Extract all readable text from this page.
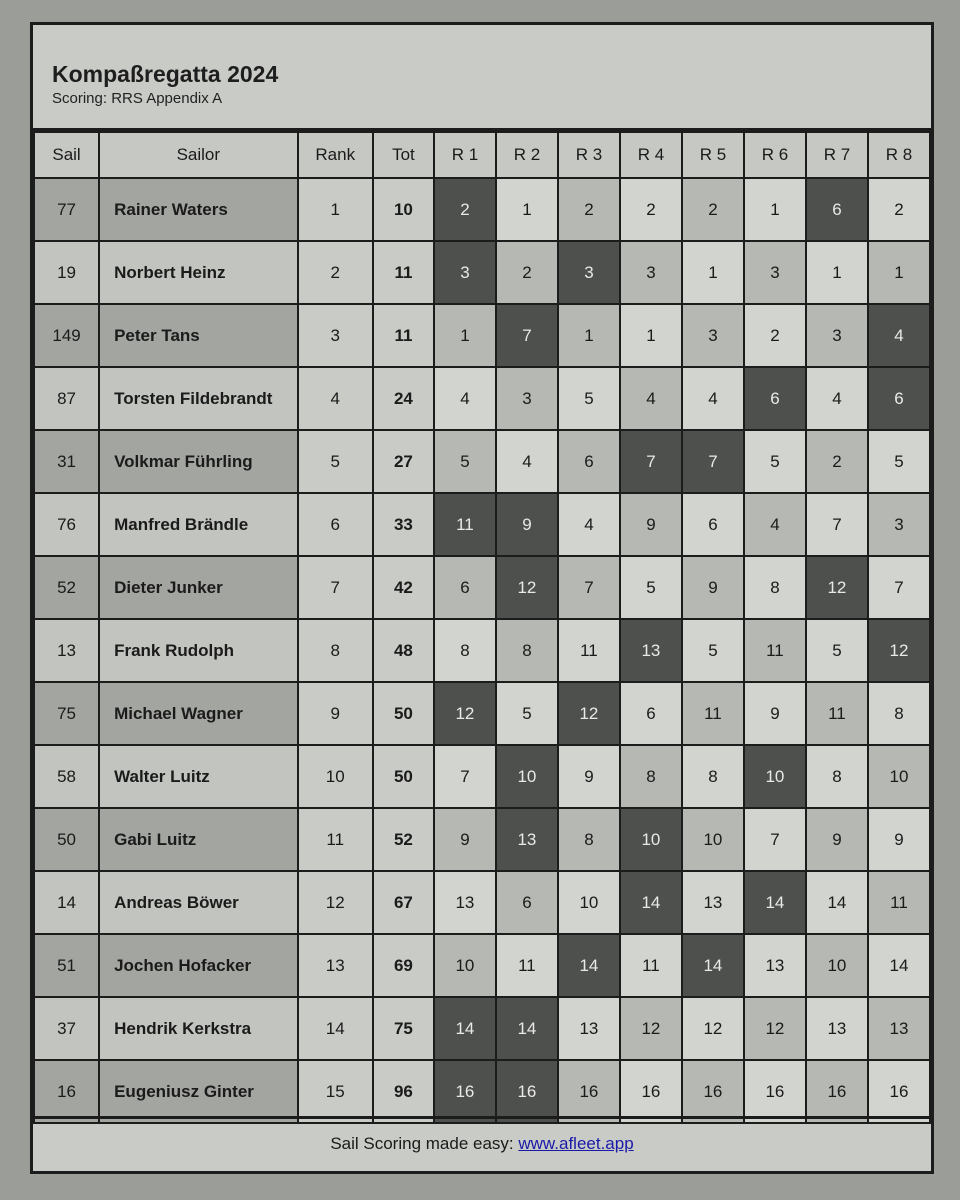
Kompaßregatta 2024
Scoring: RRS Appendix A
Sail	Sailor	Rank	Tot	R 1	R 2	R 3	R 4	R 5	R 6	R 7	R 8
77	Rainer Waters	1	10	2	1	2	2	2	1	6	2
19	Norbert Heinz	2	11	3	2	3	3	1	3	1	1
149	Peter Tans	3	11	1	7	1	1	3	2	3	4
87	Torsten Fildebrandt	4	24	4	3	5	4	4	6	4	6
31	Volkmar Führling	5	27	5	4	6	7	7	5	2	5
76	Manfred Brändle	6	33	11	9	4	9	6	4	7	3
52	Dieter Junker	7	42	6	12	7	5	9	8	12	7
13	Frank Rudolph	8	48	8	8	11	13	5	11	5	12
75	Michael Wagner	9	50	12	5	12	6	11	9	11	8
58	Walter Luitz	10	50	7	10	9	8	8	10	8	10
50	Gabi Luitz	11	52	9	13	8	10	10	7	9	9
14	Andreas Böwer	12	67	13	6	10	14	13	14	14	11
51	Jochen Hofacker	13	69	10	11	14	11	14	13	10	14
37	Hendrik Kerkstra	14	75	14	14	13	12	12	12	13	13
16	Eugeniusz Ginter	15	96	16	16	16	16	16	16	16	16
Sail Scoring made easy: www.afleet.app
